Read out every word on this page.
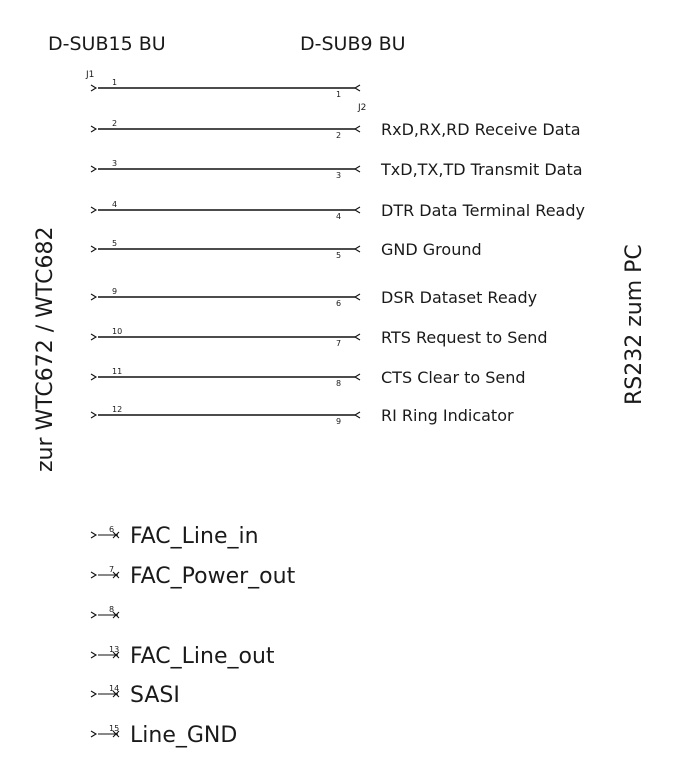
D-SUB15 BU	D-SUB9 BU
J1
J2
zur WTC672 / WTC682	RS232 zum PC
1
1
2
2 RxD,RX,RD Receive Data
3
3 TxD,TX,TD Transmit Data
4
4 DTR Data Terminal Ready
5
5 GND Ground
9
6 DSR Dataset Ready
10
7 RTS Request to Send
11
8 CTS Clear to Send
12
9 RI Ring Indicator
6 FAC_Line_in
7 FAC_Power_out
8
13 FAC_Line_out
14 SASI
15 Line_GND
